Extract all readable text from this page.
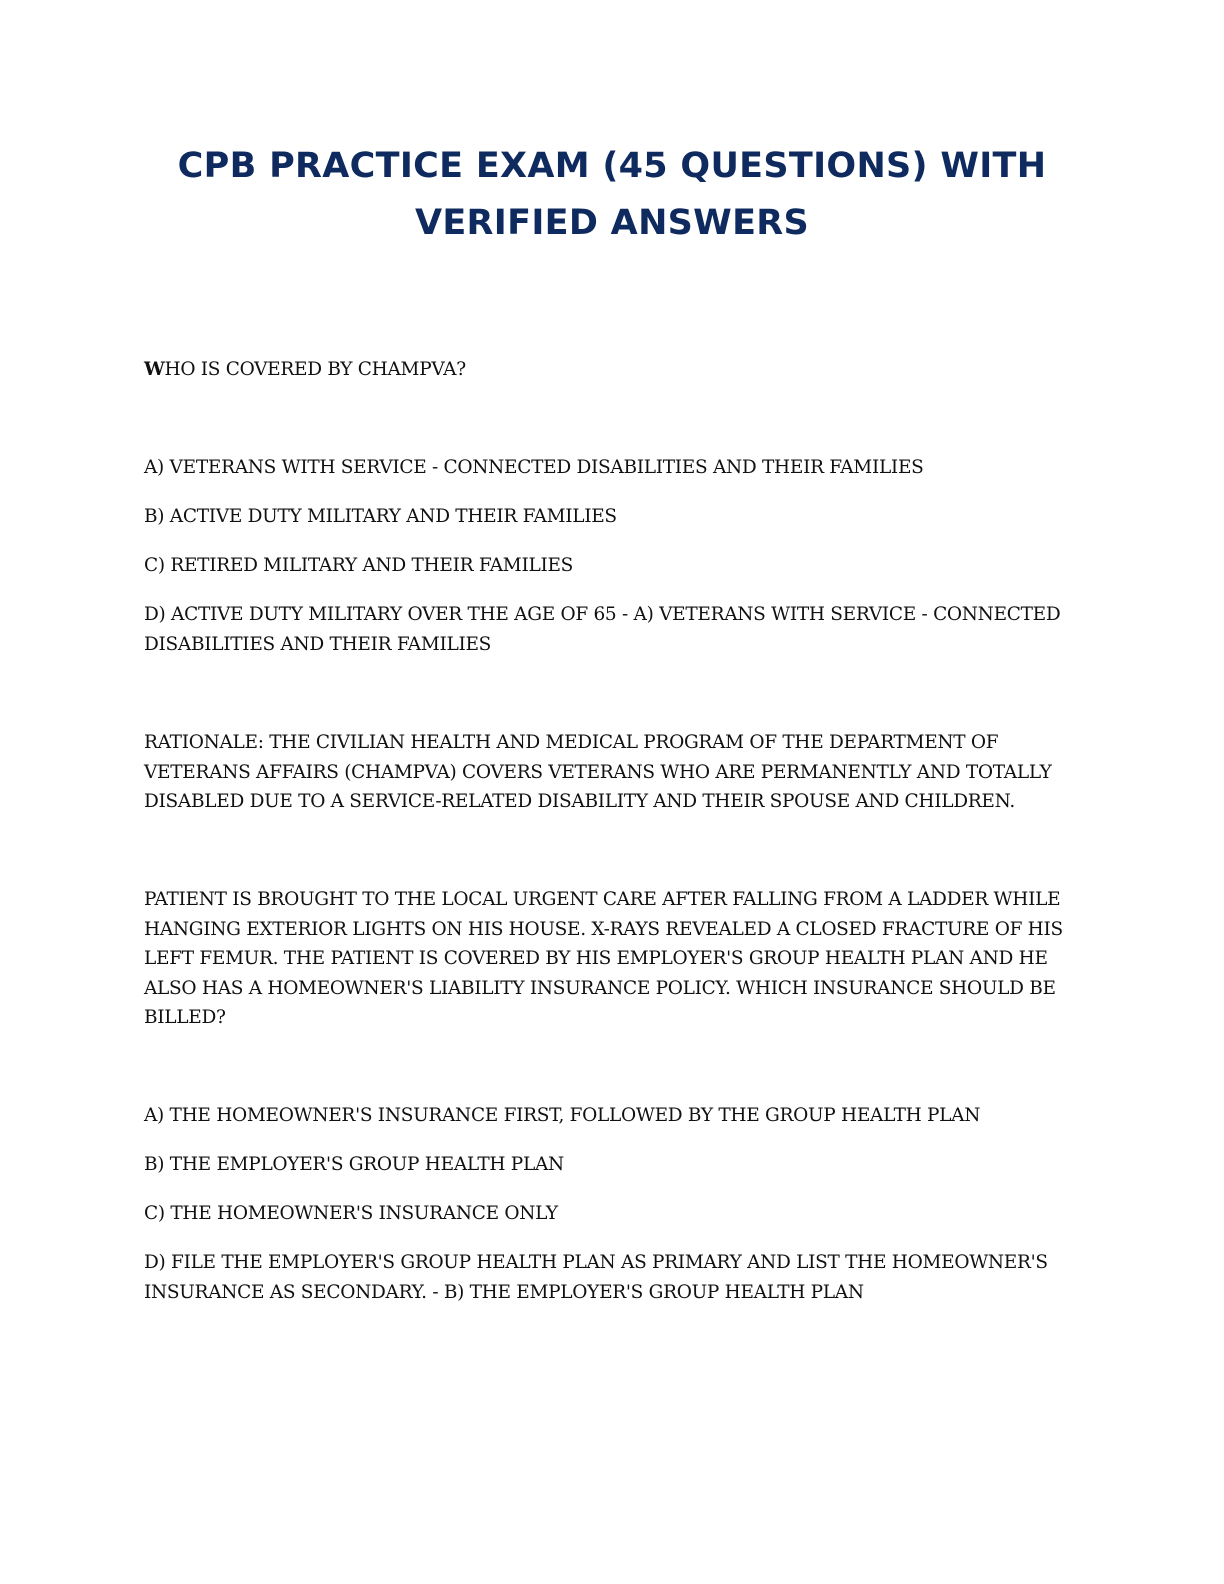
CPB PRACTICE EXAM (45 QUESTIONS) WITH
VERIFIED ANSWERS
WHO IS COVERED BY CHAMPVA?

A) VETERANS WITH SERVICE - CONNECTED DISABILITIES AND THEIR FAMILIES

B) ACTIVE DUTY MILITARY AND THEIR FAMILIES

C) RETIRED MILITARY AND THEIR FAMILIES

D) ACTIVE DUTY MILITARY OVER THE AGE OF 65 - A) VETERANS WITH SERVICE - CONNECTED DISABILITIES AND THEIR FAMILIES

RATIONALE: THE CIVILIAN HEALTH AND MEDICAL PROGRAM OF THE DEPARTMENT OF VETERANS AFFAIRS (CHAMPVA) COVERS VETERANS WHO ARE PERMANENTLY AND TOTALLY DISABLED DUE TO A SERVICE-RELATED DISABILITY AND THEIR SPOUSE AND CHILDREN.

PATIENT IS BROUGHT TO THE LOCAL URGENT CARE AFTER FALLING FROM A LADDER WHILE HANGING EXTERIOR LIGHTS ON HIS HOUSE. X-RAYS REVEALED A CLOSED FRACTURE OF HIS LEFT FEMUR. THE PATIENT IS COVERED BY HIS EMPLOYER'S GROUP HEALTH PLAN AND HE ALSO HAS A HOMEOWNER'S LIABILITY INSURANCE POLICY. WHICH INSURANCE SHOULD BE BILLED?

A) THE HOMEOWNER'S INSURANCE FIRST, FOLLOWED BY THE GROUP HEALTH PLAN

B) THE EMPLOYER'S GROUP HEALTH PLAN

C) THE HOMEOWNER'S INSURANCE ONLY

D) FILE THE EMPLOYER'S GROUP HEALTH PLAN AS PRIMARY AND LIST THE HOMEOWNER'S INSURANCE AS SECONDARY. - B) THE EMPLOYER'S GROUP HEALTH PLAN
